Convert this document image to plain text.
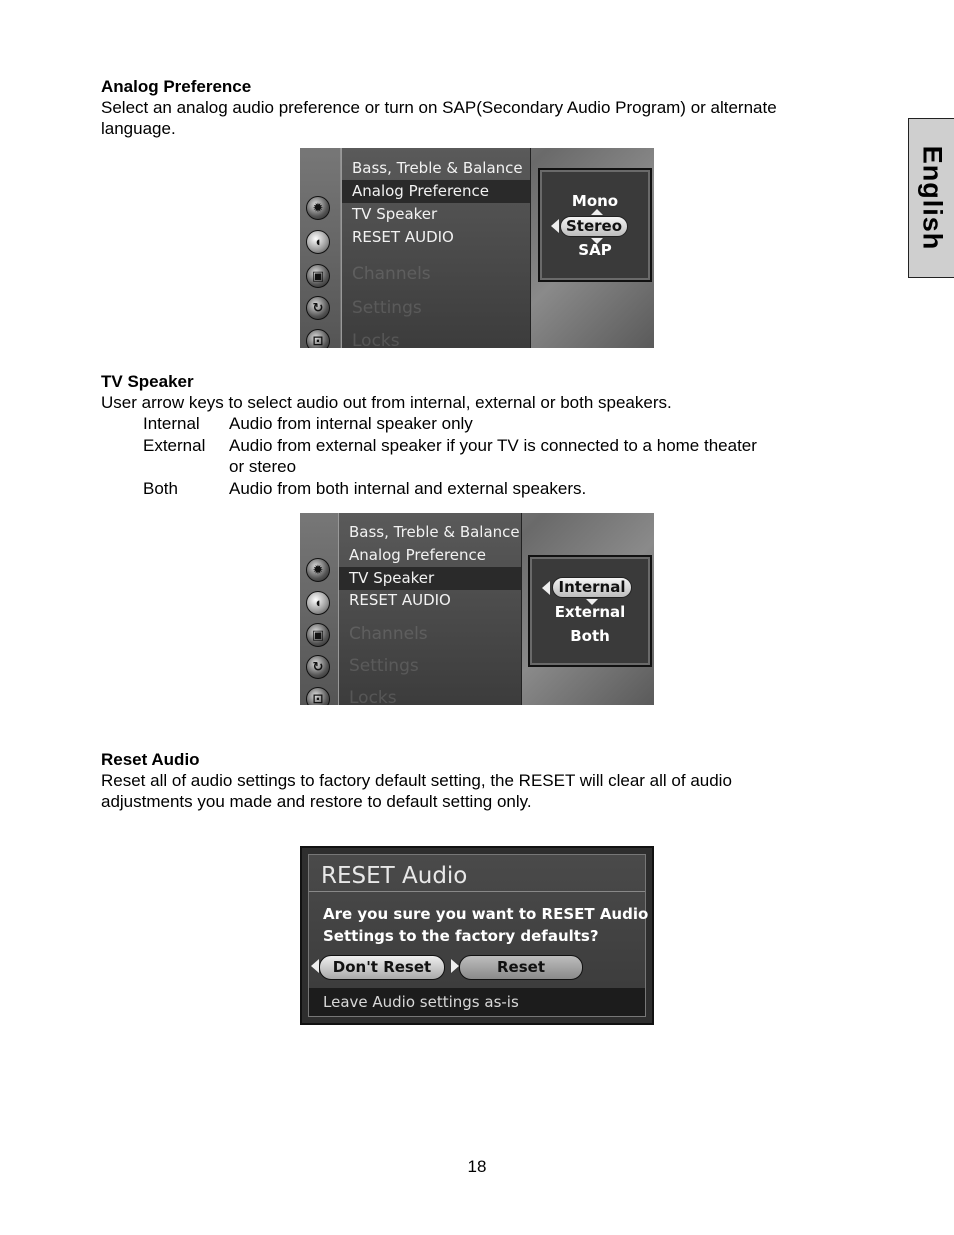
English
Analog Preference
Select an analog audio preference or turn on SAP(Secondary Audio Program) or alternate
language.
✹
◖
▣
↻
⊡
Bass, Treble & Balance
Analog Preference
TV Speaker
RESET AUDIO
Channels
Settings
Locks
Mono
Stereo
SAP
TV Speaker
User arrow keys to select audio out from internal, external or both speakers.
Internal Audio from internal speaker only
External Audio from external speaker if your TV is connected to a home theater
or stereo
Both	Audio from both internal and external speakers.
✹
◖
▣
↻
⊡
Bass, Treble & Balance
Analog Preference
TV Speaker
RESET AUDIO
Channels
Settings
Locks
Internal
External
Both
Reset Audio
Reset all of audio settings to factory default setting, the RESET will clear all of audio
adjustments you made and restore to default setting only.
RESET Audio
Are you sure you want to RESET Audio
Settings to the factory defaults?
Don't Reset	Reset
Leave Audio settings as-is
18
